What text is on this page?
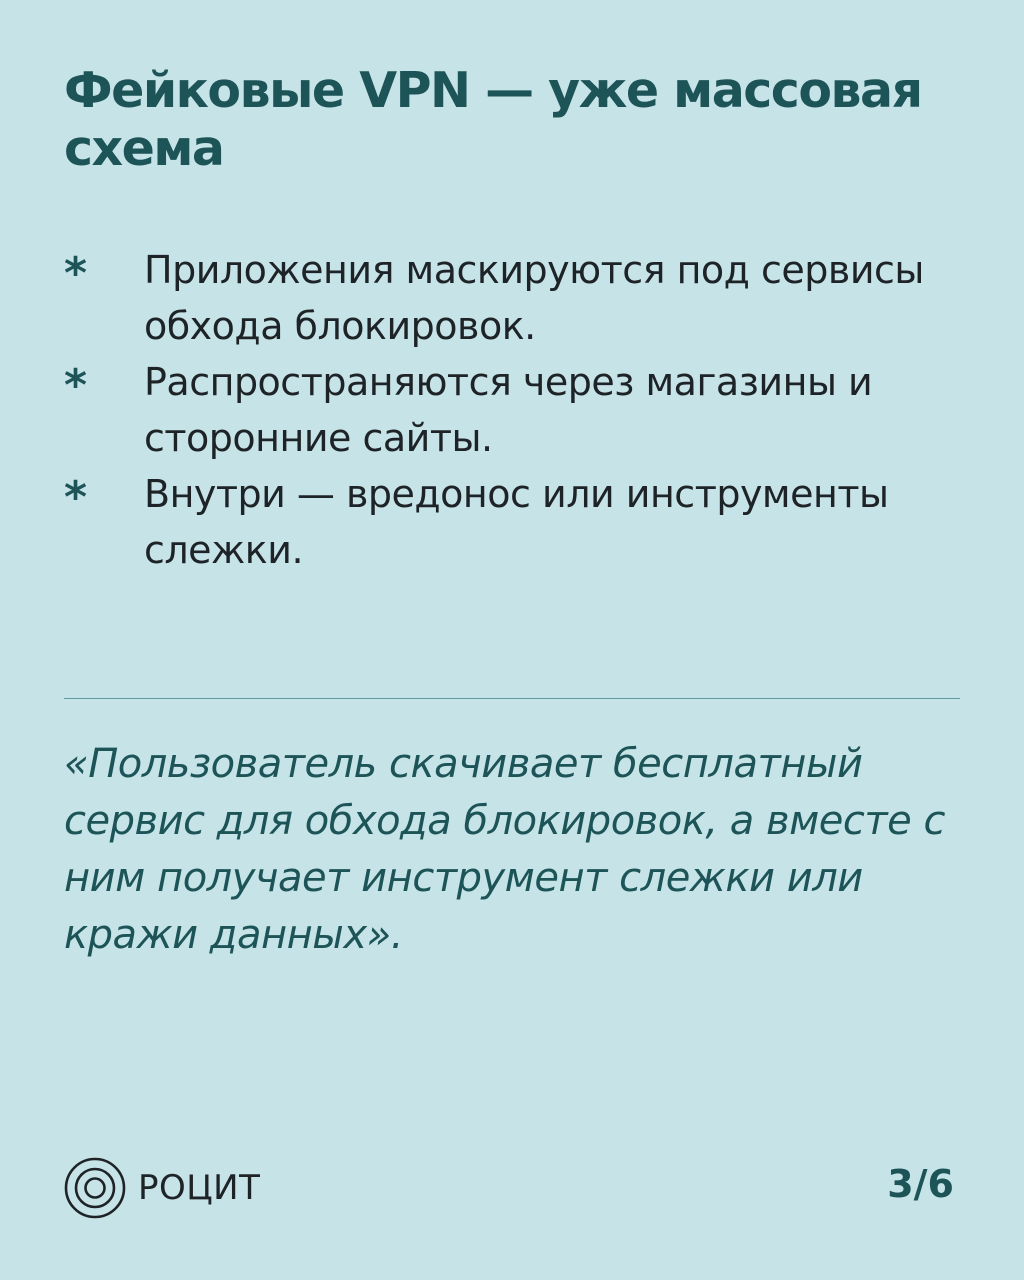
Фейковые VPN — уже массовая схема
*	Приложения маскируются под сервисы обхода блокировок.
*	Распространяются через магазины и сторонние сайты.
*	Внутри — вредонос или инструменты слежки.

«Пользователь скачивает бесплатный сервис для обхода блокировок, а вместе с ним получает инструмент слежки или кражи данных».

РОЦИТ	3/6
